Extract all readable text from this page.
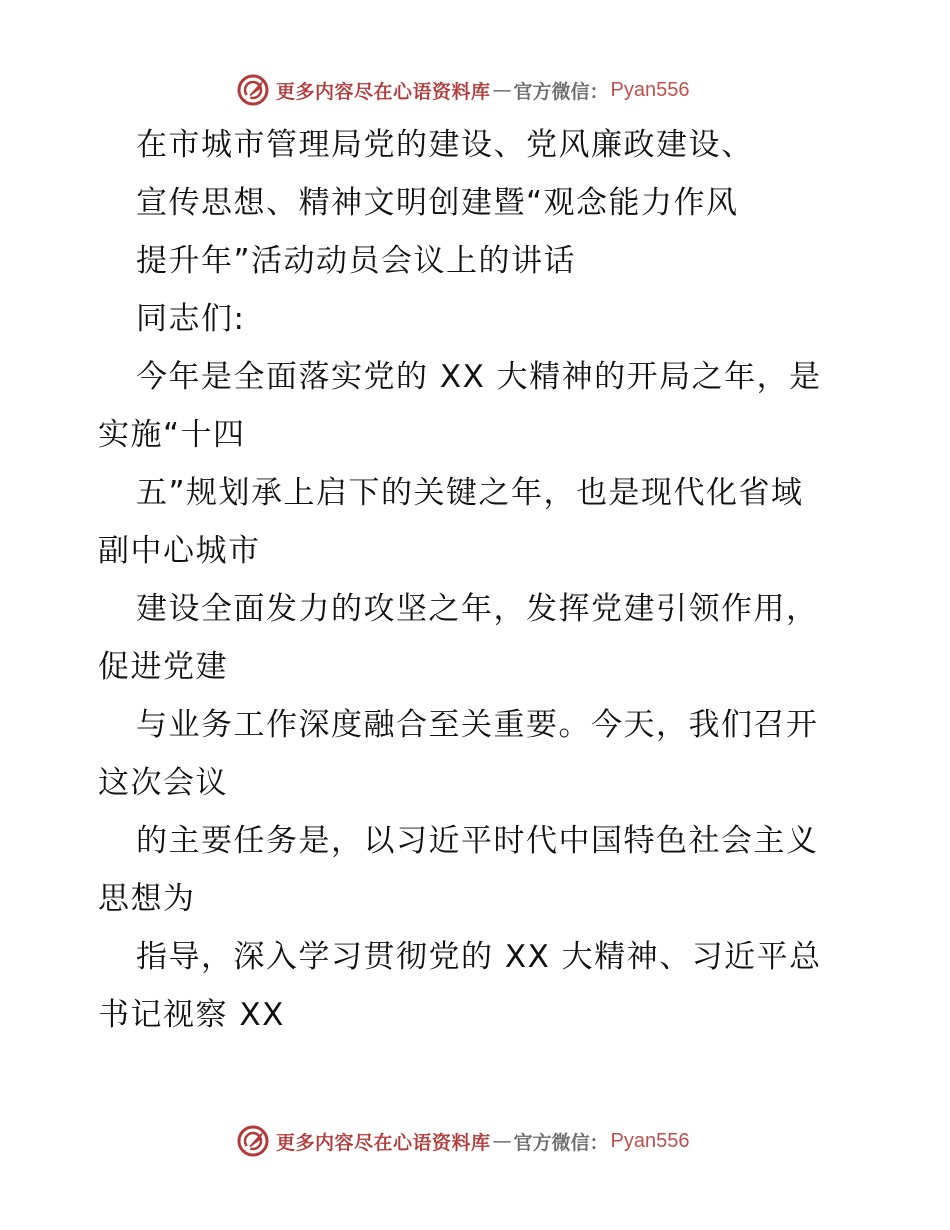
更多内容尽在心语资料库 — 官方微信： Pyan556
在市城市管理局党的建设、党风廉政建设、
宣传思想、精神文明创建暨“观念能力作风
提升年”活动动员会议上的讲话
同志们:
今年是全面落实党的 XX 大精神的开局之年，是
实施“十四
五”规划承上启下的关键之年，也是现代化省域
副中心城市
建设全面发力的攻坚之年，发挥党建引领作用，
促进党建
与业务工作深度融合至关重要。今天，我们召开
这次会议
的主要任务是，以习近平时代中国特色社会主义
思想为
指导，深入学习贯彻党的 XX 大精神、习近平总
书记视察 XX
更多内容尽在心语资料库 — 官方微信： Pyan556
